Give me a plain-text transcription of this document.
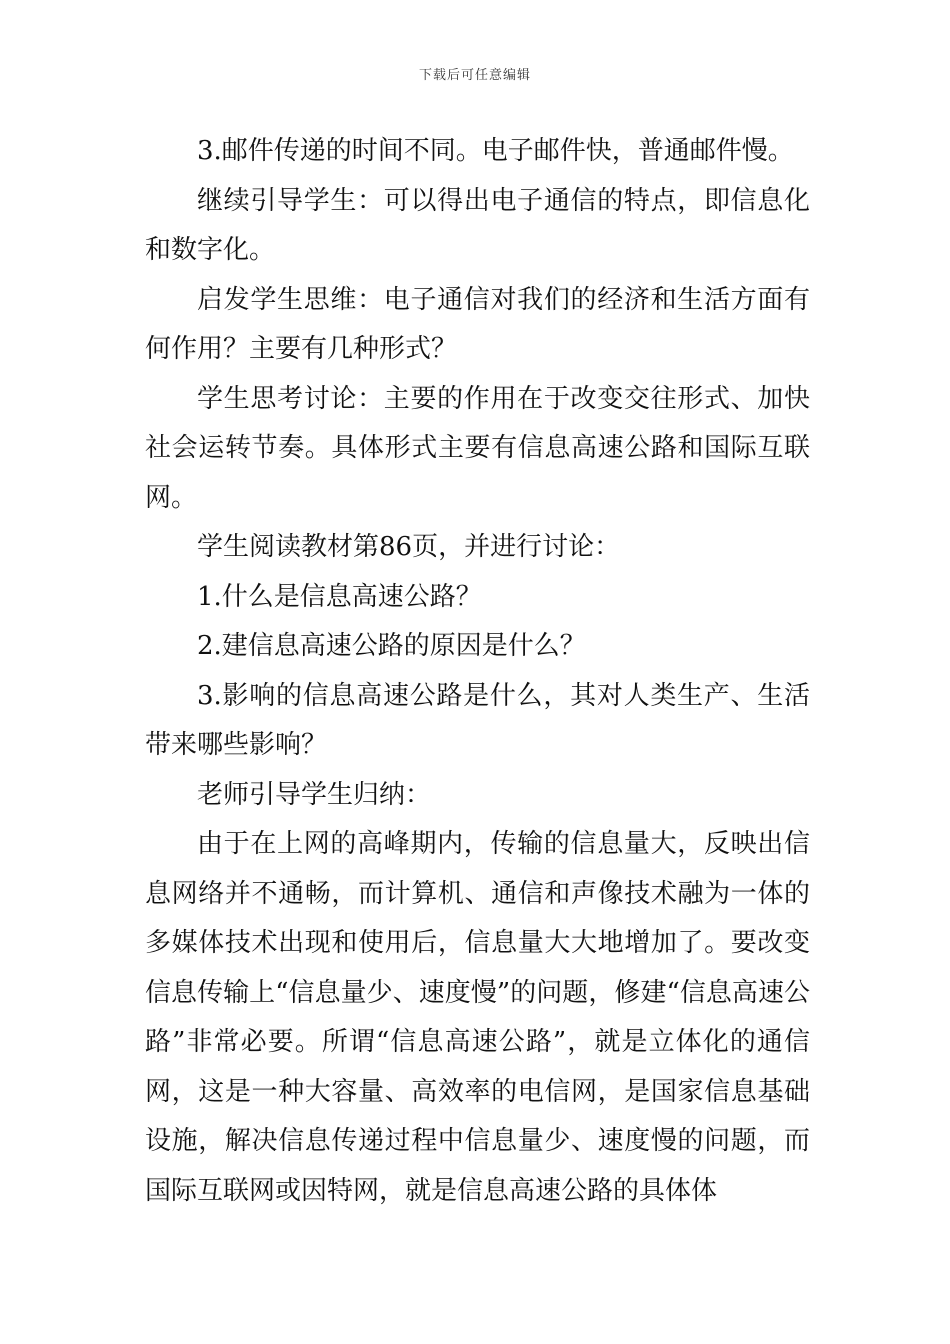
下载后可任意编辑

3.邮件传递的时间不同。电子邮件快，普通邮件慢。

继续引导学生：可以得出电子通信的特点，即信息化和数字化。

启发学生思维：电子通信对我们的经济和生活方面有何作用？主要有几种形式？

学生思考讨论：主要的作用在于改变交往形式、加快社会运转节奏。具体形式主要有信息高速公路和国际互联网。

学生阅读教材第86页，并进行讨论：

1.什么是信息高速公路？

2.建信息高速公路的原因是什么？

3.影响的信息高速公路是什么，其对人类生产、生活带来哪些影响？

老师引导学生归纳：

由于在上网的高峰期内，传输的信息量大，反映出信息网络并不通畅，而计算机、通信和声像技术融为一体的多媒体技术出现和使用后，信息量大大地增加了。要改变信息传输上“信息量少、速度慢”的问题，修建“信息高速公路”非常必要。所谓“信息高速公路”，就是立体化的通信网，这是一种大容量、高效率的电信网，是国家信息基础设施，解决信息传递过程中信息量少、速度慢的问题，而国际互联网或因特网，就是信息高速公路的具体体
